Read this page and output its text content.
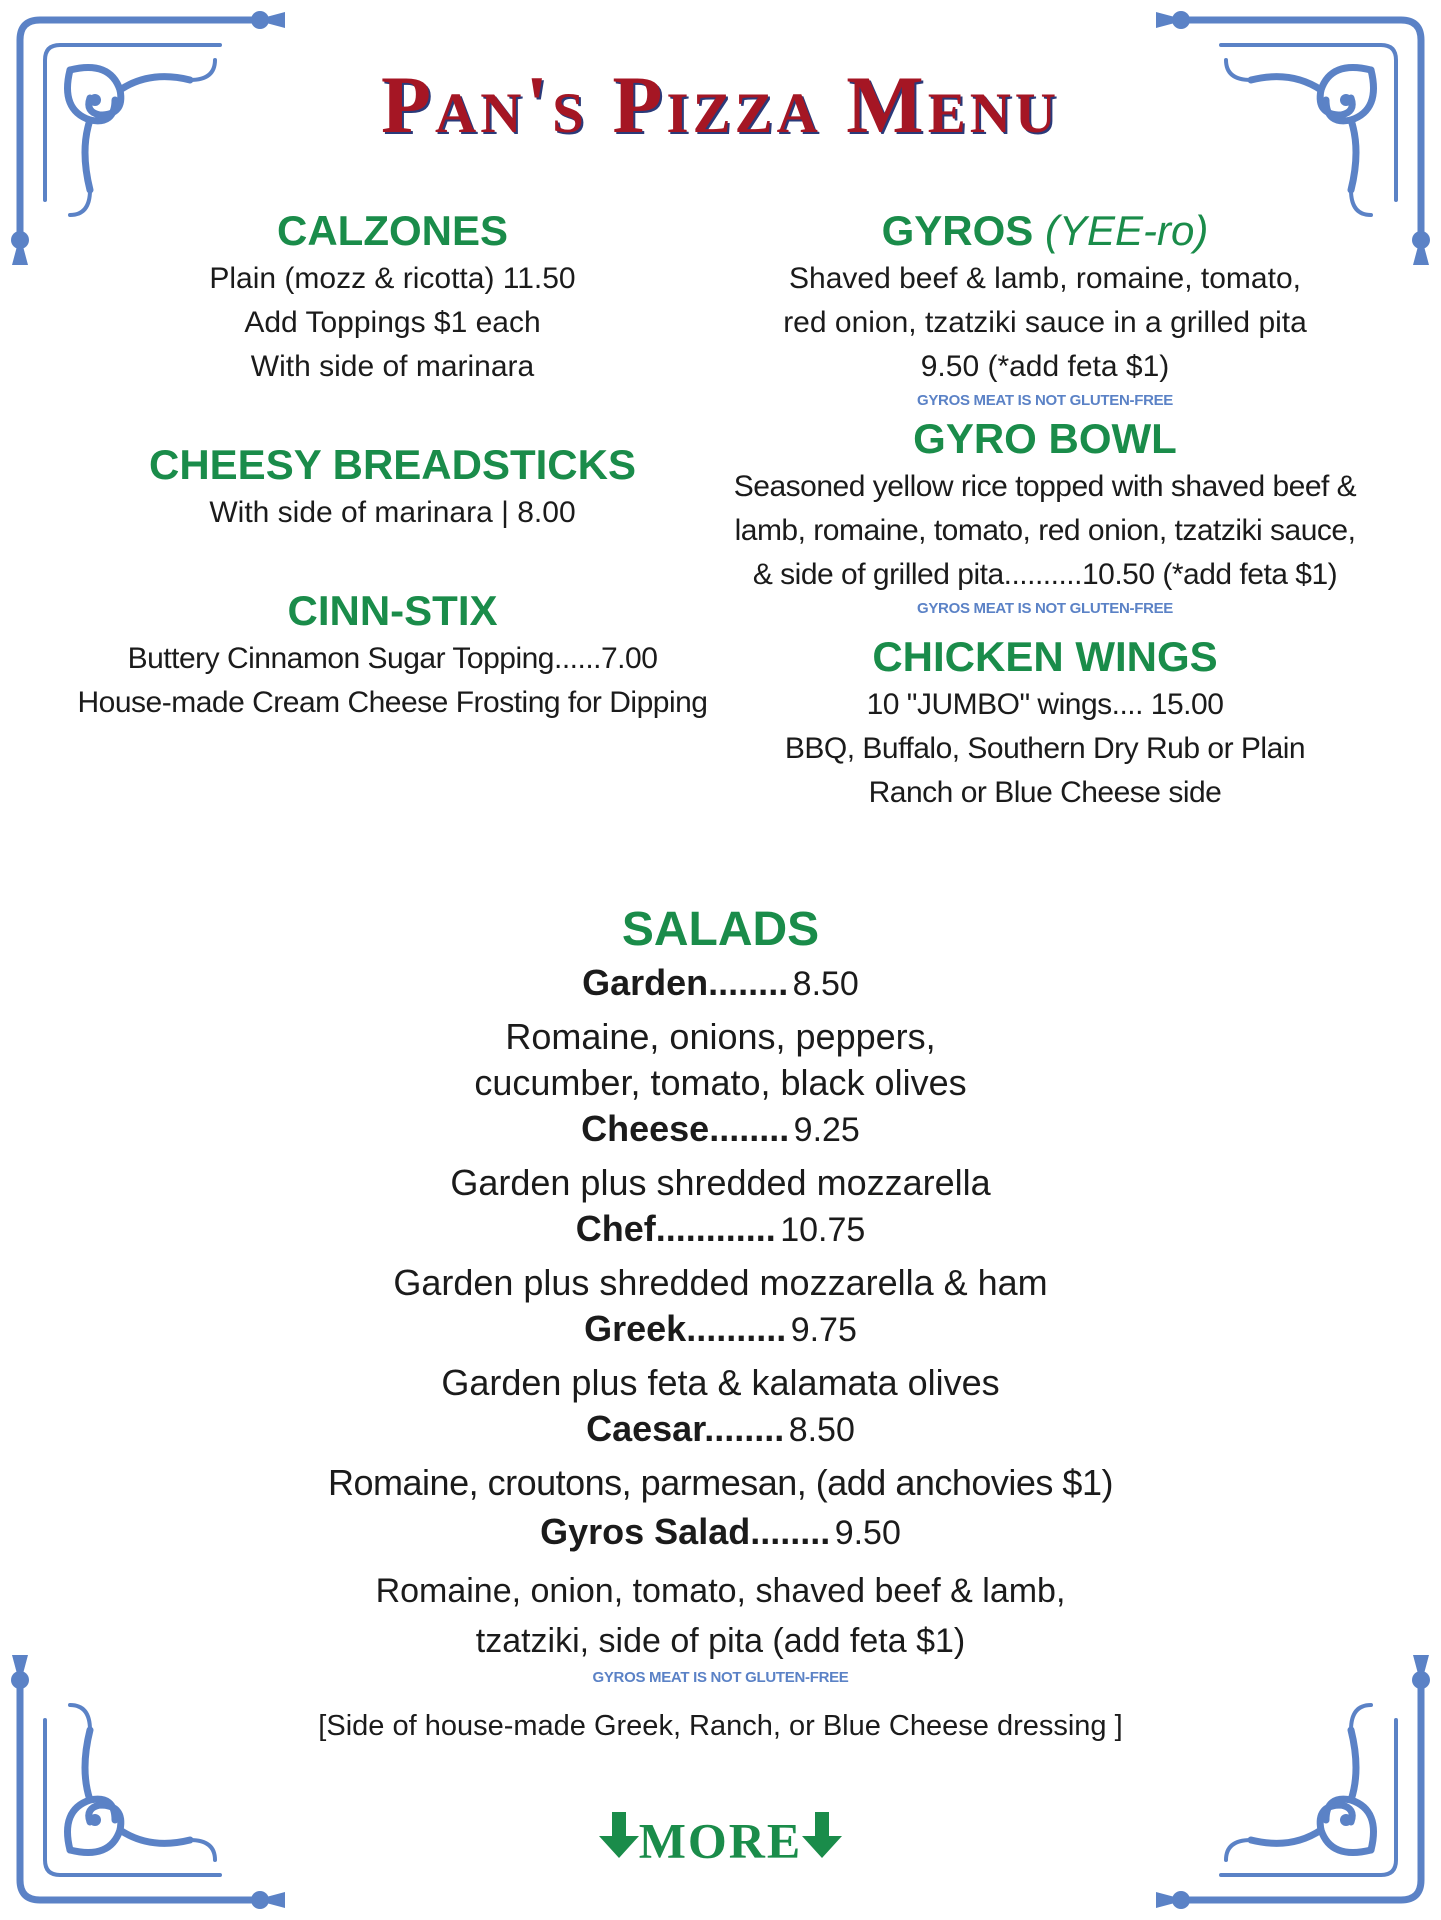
Pan's Pizza Menu
CALZONES
Plain (mozz & ricotta) 11.50
Add Toppings $1 each
With side of marinara
CHEESY BREADSTICKS
With side of marinara | 8.00
CINN-STIX
Buttery Cinnamon Sugar Topping......7.00
House-made Cream Cheese Frosting for Dipping
GYROS (YEE-ro)
Shaved beef & lamb, romaine, tomato,
red onion, tzatziki sauce in a grilled pita
9.50 (*add feta $1)
GYROS MEAT IS NOT GLUTEN-FREE
GYRO BOWL
Seasoned yellow rice topped with shaved beef &
lamb, romaine, tomato, red onion, tzatziki sauce,
& side of grilled pita..........10.50 (*add feta $1)
GYROS MEAT IS NOT GLUTEN-FREE
CHICKEN WINGS
10 "JUMBO" wings.... 15.00
BBQ, Buffalo, Southern Dry Rub or Plain
Ranch or Blue Cheese side
SALADS
Garden........ 8.50
Romaine, onions, peppers,
cucumber, tomato, black olives
Cheese........ 9.25
Garden plus shredded mozzarella
Chef............ 10.75
Garden plus shredded mozzarella & ham
Greek.......... 9.75
Garden plus feta & kalamata olives
Caesar........ 8.50
Romaine, croutons, parmesan, (add anchovies $1)
Gyros Salad........ 9.50
Romaine, onion, tomato, shaved beef & lamb,
tzatziki, side of pita (add feta $1)
GYROS MEAT IS NOT GLUTEN-FREE
[Side of house-made Greek, Ranch, or Blue Cheese dressing ]
MORE
